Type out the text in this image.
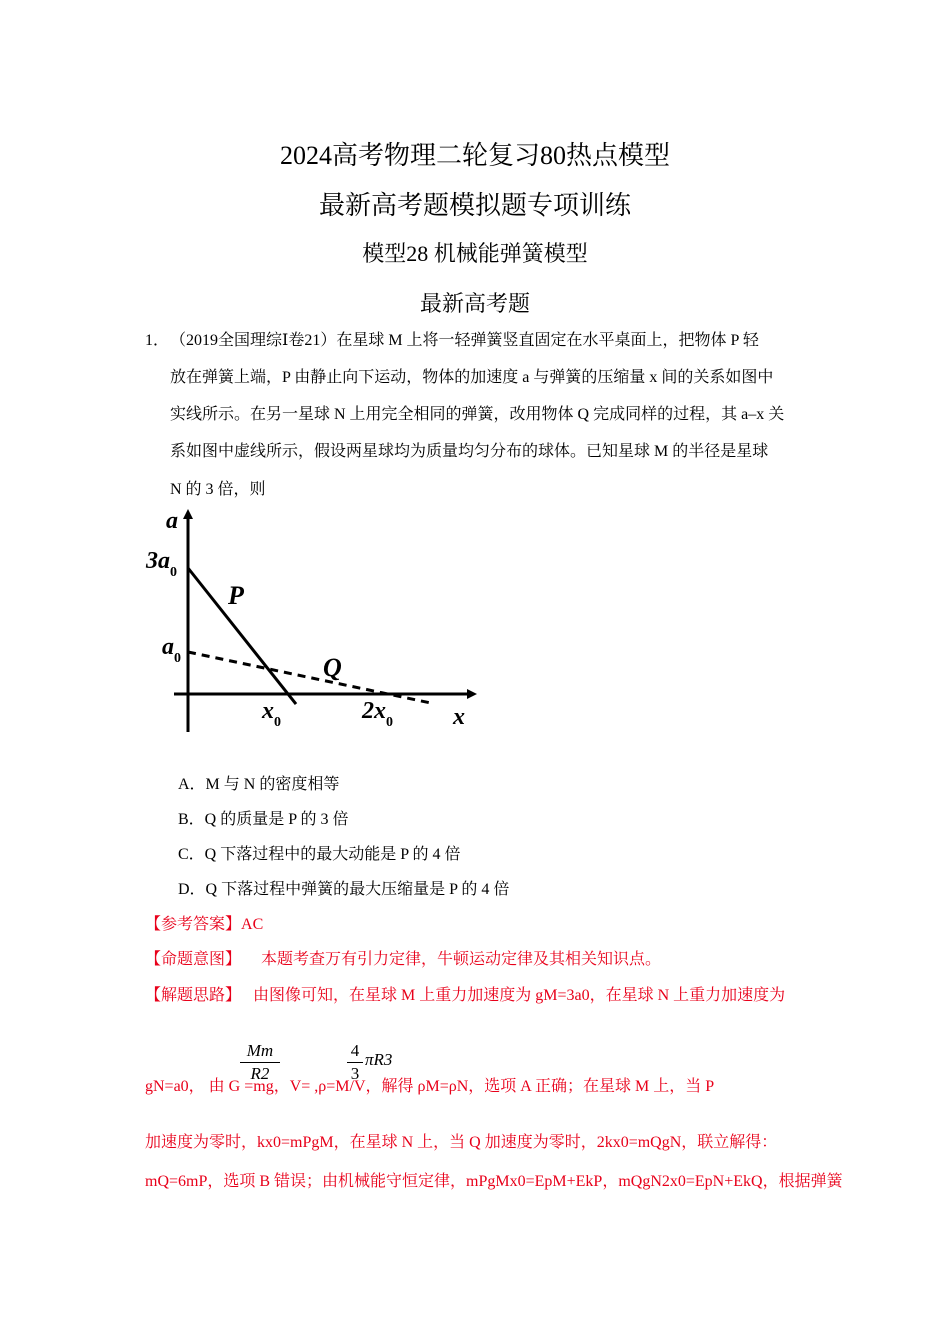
2024高考物理二轮复习80热点模型
最新高考题模拟题专项训练
模型28 机械能弹簧模型
最新高考题
1． （2019全国理综Ⅰ卷21）在星球 M 上将一轻弹簧竖直固定在水平桌面上，把物体 P 轻
放在弹簧上端，P 由静止向下运动，物体的加速度 a 与弹簧的压缩量 x 间的关系如图中
实线所示。在另一星球 N 上用完全相同的弹簧，改用物体 Q 完成同样的过程，其 a–x 关
系如图中虚线所示，假设两星球均为质量均匀分布的球体。已知星球 M 的半径是星球
N 的 3 倍，则
a
x
$3a_0$
$a_0$
$x_0$	$2x_0$
P
Q
A．M 与 N 的密度相等
B．Q 的质量是 P 的 3 倍
C．Q 下落过程中的最大动能是 P 的 4 倍
D．Q 下落过程中弹簧的最大压缩量是 P 的 4 倍
【参考答案】AC
【命题意图】 本题考查万有引力定律，牛顿运动定律及其相关知识点。
【解题思路】 由图像可知，在星球 M 上重力加速度为 gM=3a0，在星球 N 上重力加速度为
$\frac{Mm}{R2}$	$\frac{4}{3} \pi R3$
gN=a0， 由 G =mg，V= ,ρ=M/V，解得 ρM=ρN，选项 A 正确；在星球 M 上，当 P
加速度为零时，kx0=mPgM，在星球 N 上，当 Q 加速度为零时，2kx0=mQgN，联立解得：
mQ=6mP，选项 B 错误；由机械能守恒定律，mPgMx0=EpM+EkP，mQgN2x0=EpN+EkQ，根据弹簧
